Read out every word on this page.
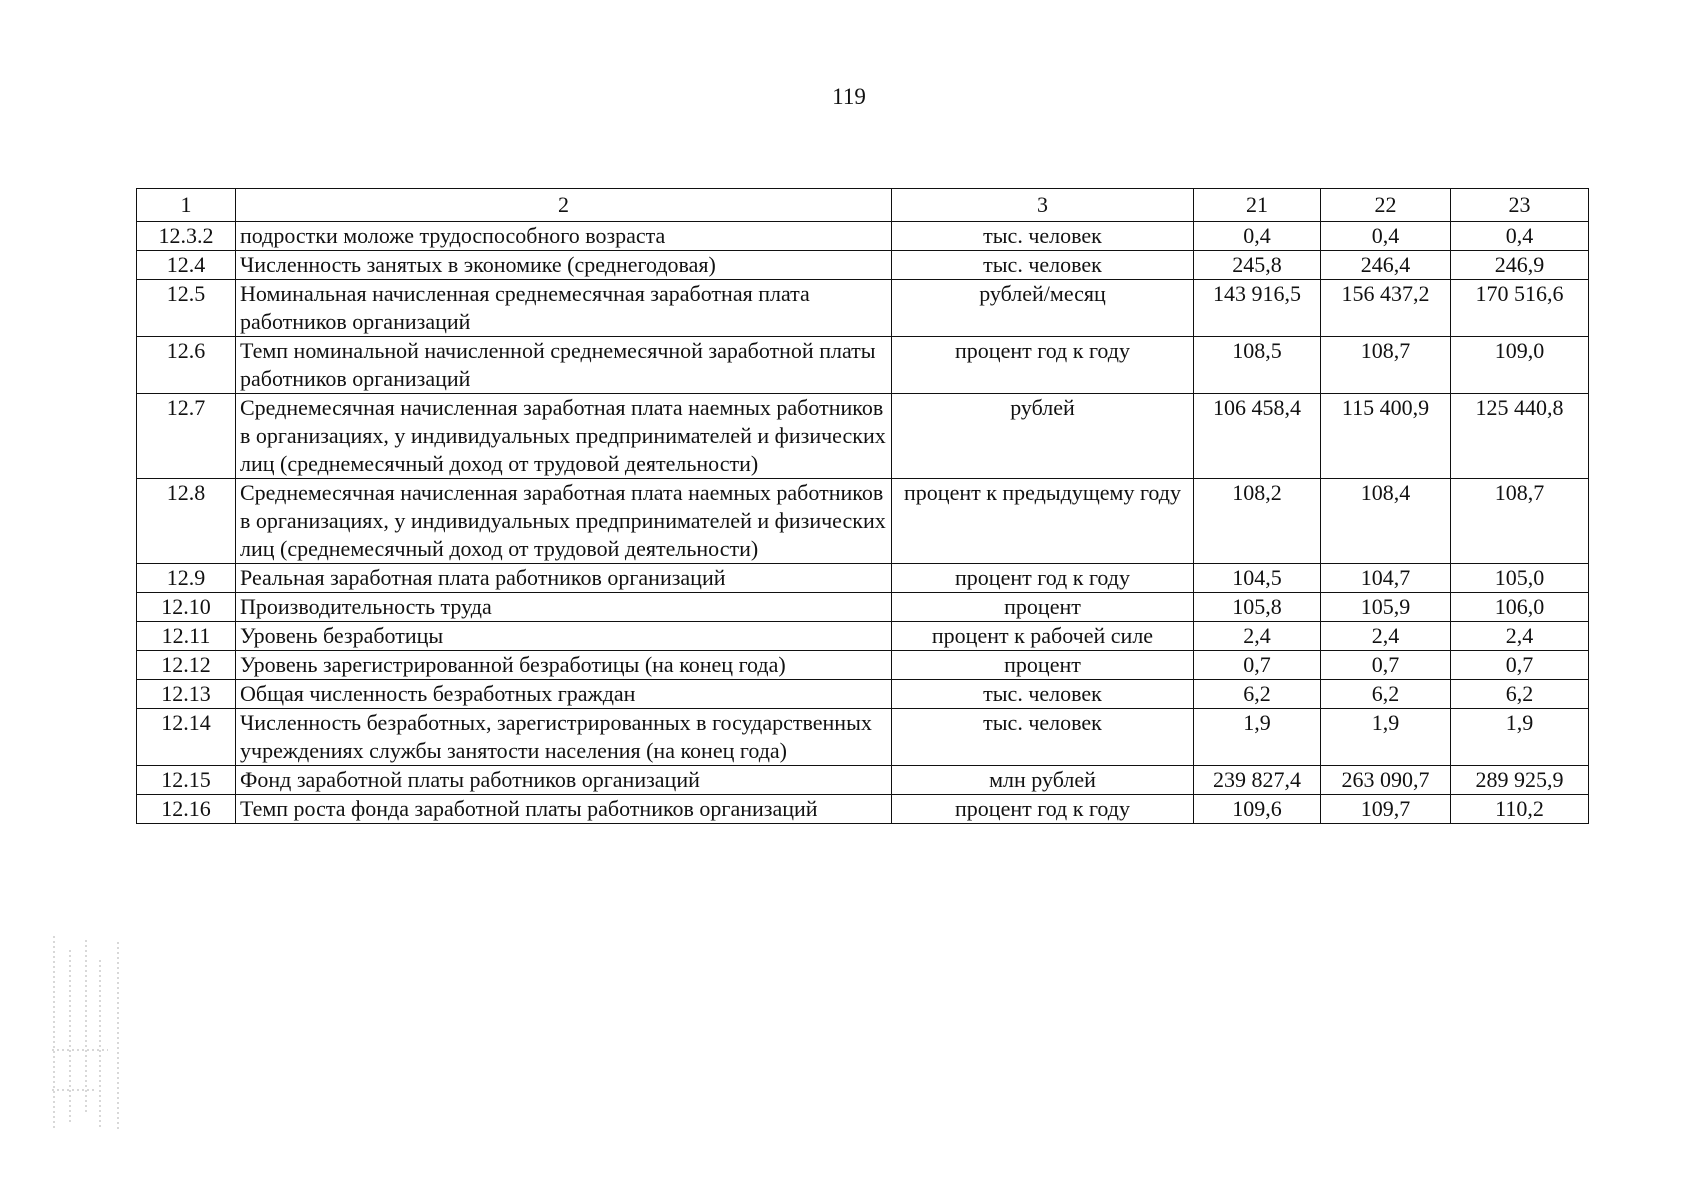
119
1	2	3	21	22	23
12.3.2	подростки моложе трудоспособного возраста	тыс. человек	0,4	0,4	0,4
12.4	Численность занятых в экономике (среднегодовая)	тыс. человек	245,8	246,4	246,9
12.5	Номинальная начисленная среднемесячная заработная плата работников организаций	рублей/месяц	143 916,5	156 437,2	170 516,6
12.6	Темп номинальной начисленной среднемесячной заработной платы работников организаций	процент год к году	108,5	108,7	109,0
12.7	Среднемесячная начисленная заработная плата наемных работников в организациях, у индивидуальных предпринимателей и физических лиц (среднемесячный доход от трудовой деятельности)	рублей	106 458,4	115 400,9	125 440,8
12.8	Среднемесячная начисленная заработная плата наемных работников в организациях, у индивидуальных предпринимателей и физических лиц (среднемесячный доход от трудовой деятельности)	процент к предыдущему году	108,2	108,4	108,7
12.9	Реальная заработная плата работников организаций	процент год к году	104,5	104,7	105,0
12.10	Производительность труда	процент	105,8	105,9	106,0
12.11	Уровень безработицы	процент к рабочей силе	2,4	2,4	2,4
12.12	Уровень зарегистрированной безработицы (на конец года)	процент	0,7	0,7	0,7
12.13	Общая численность безработных граждан	тыс. человек	6,2	6,2	6,2
12.14	Численность безработных, зарегистрированных в государственных учреждениях службы занятости населения (на конец года)	тыс. человек	1,9	1,9	1,9
12.15	Фонд заработной платы работников организаций	млн рублей	239 827,4	263 090,7	289 925,9
12.16	Темп роста фонда заработной платы работников организаций	процент год к году	109,6	109,7	110,2
